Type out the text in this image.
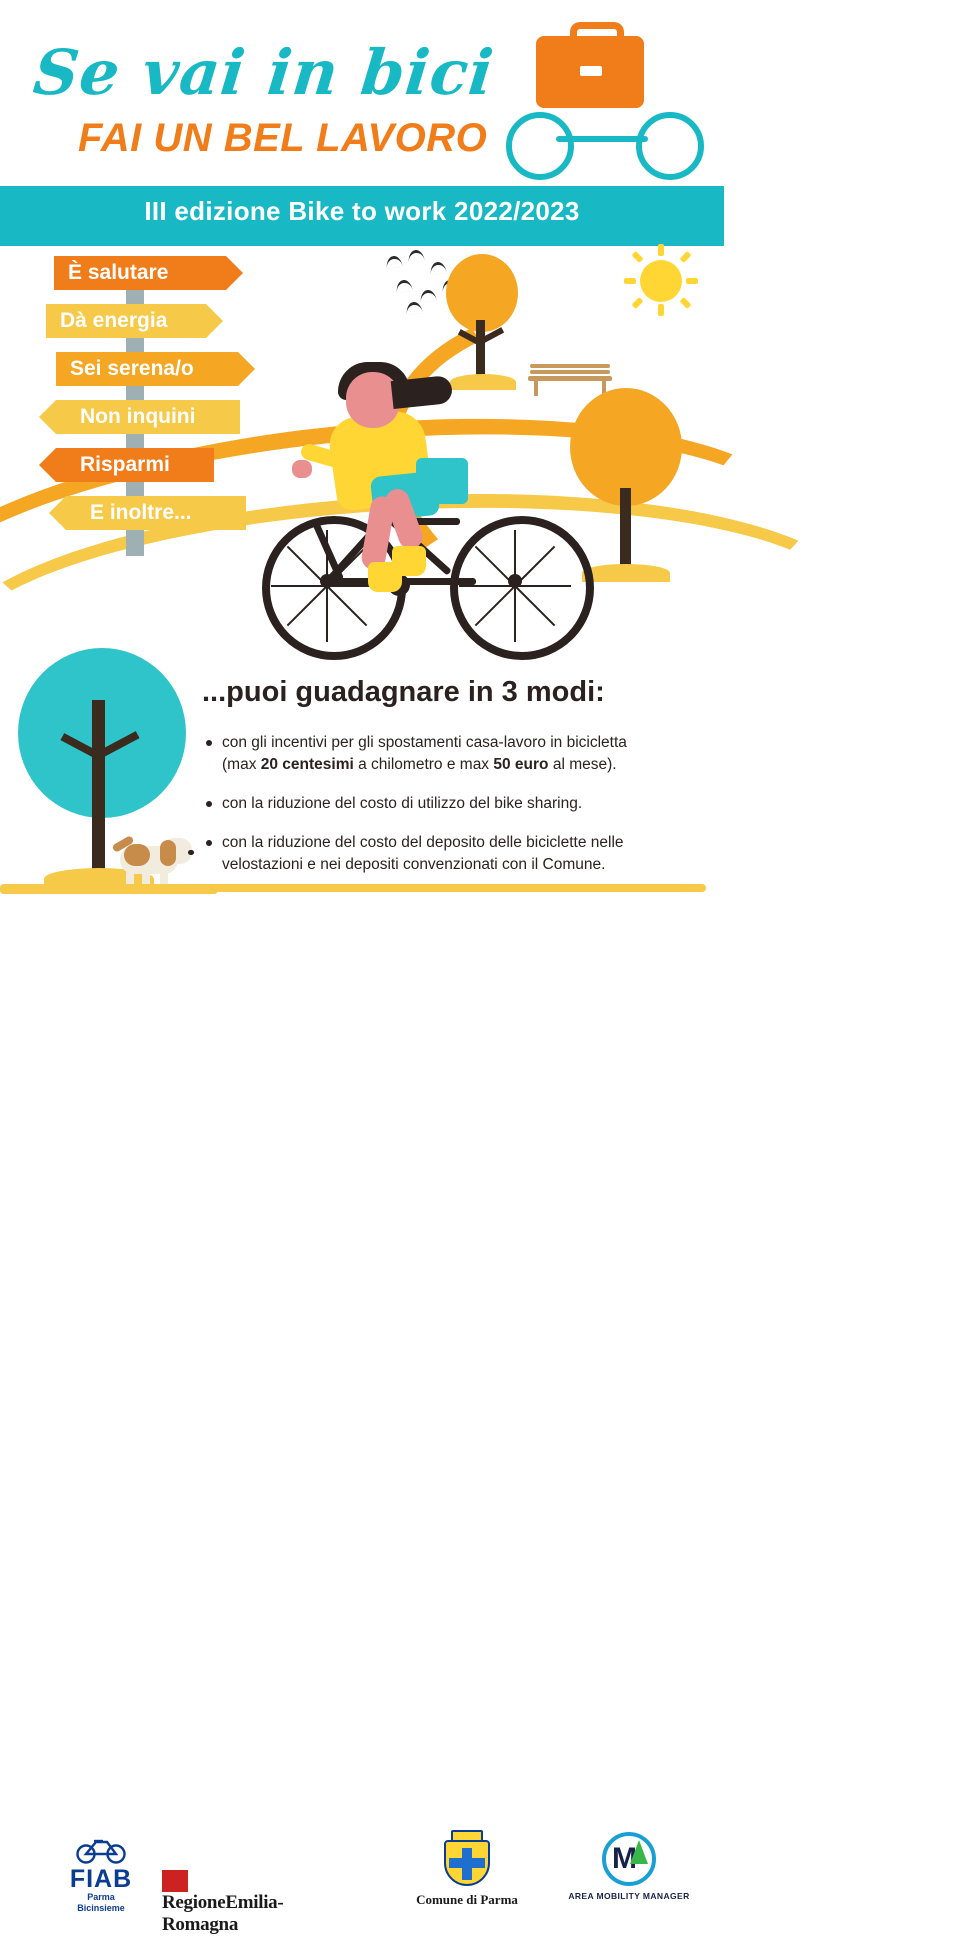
Se vai in bici
FAI UN BEL LAVORO
III edizione Bike to work 2022/2023
È salutare
Dà energia
Sei serena/o
Non inquini
Risparmi
E inoltre...
...puoi guadagnare in 3 modi:
con gli incentivi per gli spostamenti casa-lavoro in bicicletta
(max 20 centesimi a chilometro e max 50 euro al mese).
con la riduzione del costo di utilizzo del bike sharing.
con la riduzione del costo del deposito delle biciclette nelle
velostazioni e nei depositi convenzionati con il Comune.
FIAB
Parma
Bicinsieme	RegioneEmilia-Romagna
Comune di Parma
M
AREA MOBILITY MANAGER
